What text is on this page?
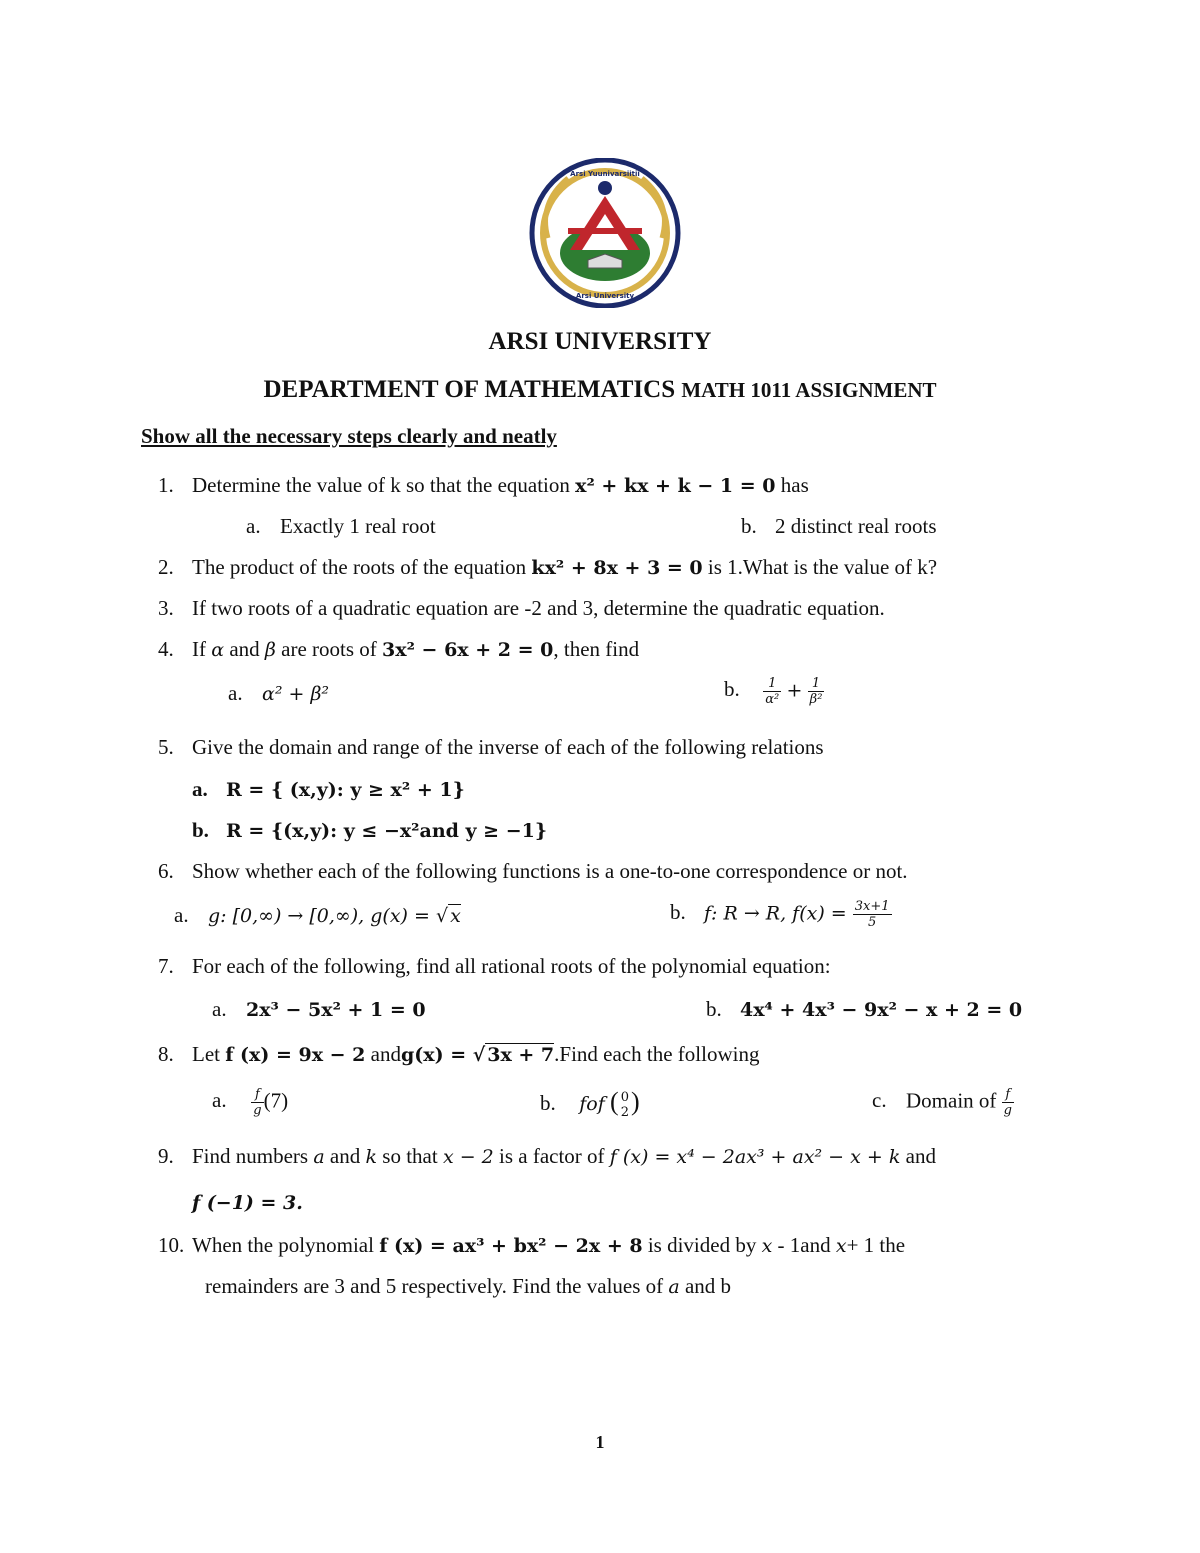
Arsi Yuunivarsiitii
Arsi University
ARSI UNIVERSITY
DEPARTMENT OF MATHEMATICS MATH 1011 ASSIGNMENT
Show all the necessary steps clearly and neatly
1. Determine the value of k so that the equation x² + kx + k − 1 = 0 has
a. Exactly 1 real root	b. 2 distinct real roots
2. The product of the roots of the equation kx² + 8x + 3 = 0 is 1.What is the value of k?
3. If two roots of a quadratic equation are -2 and 3, determine the quadratic equation.
4. If α and β are roots of 3x² − 6x + 2 = 0, then find
a. α² + β²	b. $\frac{1}{\text{α²}} + \frac{1}{\text{β²}}$
5. Give the domain and range of the inverse of each of the following relations
a. R = { (x,y): y ≥ x² + 1}
b. R = {(x,y): y ≤ −x²and y ≥ −1}
6. Show whether each of the following functions is a one-to-one correspondence or not.
a. g: [0,∞) → [0,∞), g(x) = √ x	b. f: R → R, $f(x) = \frac{3x+1}{5}$
7. For each of the following, find all rational roots of the polynomial equation:
a. 2x³ − 5x² + 1 = 0	b. 4x⁴ + 4x³ − 9x² − x + 2 = 0
8. Let f (x) = 9x − 2 andg(x) = √ 3x + 7.Find each the following
a. $\frac{f}{g} (7)$	b. fof ( 0
2 )	c. Domain of $\frac{f}{g}$
9. Find numbers a and k so that x − 2 is a factor of f (x) = x⁴ − 2ax³ + ax² − x + k and
f (−1) = 3.
10. When the polynomial f (x) = ax³ + bx² − 2x + 8 is divided by x - 1and x+ 1 the
remainders are 3 and 5 respectively. Find the values of a and b
1
